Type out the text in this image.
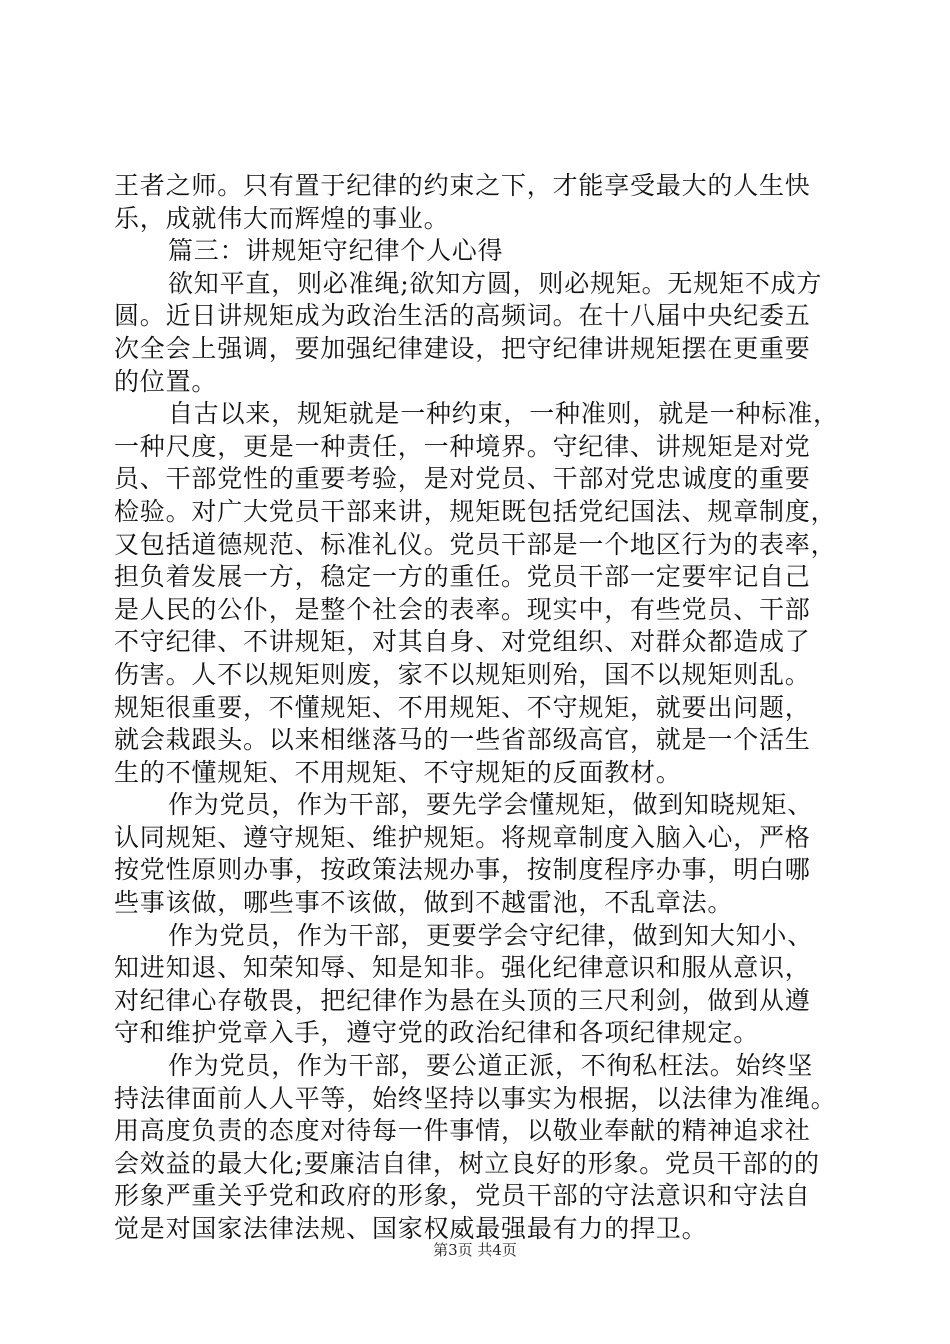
王者之师。只有置于纪律的约束之下，才能享受最大的人生快
乐，成就伟大而辉煌的事业。
篇三：讲规矩守纪律个人心得
欲知平直，则必准绳;欲知方圆，则必规矩。无规矩不成方
圆。近日讲规矩成为政治生活的高频词。在十八届中央纪委五
次全会上强调，要加强纪律建设，把守纪律讲规矩摆在更重要
的位置。
自古以来，规矩就是一种约束，一种准则，就是一种标准，
一种尺度，更是一种责任，一种境界。守纪律、讲规矩是对党
员、干部党性的重要考验，是对党员、干部对党忠诚度的重要
检验。对广大党员干部来讲，规矩既包括党纪国法、规章制度，
又包括道德规范、标准礼仪。党员干部是一个地区行为的表率，
担负着发展一方，稳定一方的重任。党员干部一定要牢记自己
是人民的公仆，是整个社会的表率。现实中，有些党员、干部
不守纪律、不讲规矩，对其自身、对党组织、对群众都造成了
伤害。人不以规矩则废，家不以规矩则殆，国不以规矩则乱。
规矩很重要，不懂规矩、不用规矩、不守规矩，就要出问题，
就会栽跟头。以来相继落马的一些省部级高官，就是一个活生
生的不懂规矩、不用规矩、不守规矩的反面教材。
作为党员，作为干部，要先学会懂规矩，做到知晓规矩、
认同规矩、遵守规矩、维护规矩。将规章制度入脑入心，严格
按党性原则办事，按政策法规办事，按制度程序办事，明白哪
些事该做，哪些事不该做，做到不越雷池，不乱章法。
作为党员，作为干部，更要学会守纪律，做到知大知小、
知进知退、知荣知辱、知是知非。强化纪律意识和服从意识，
对纪律心存敬畏，把纪律作为悬在头顶的三尺利剑，做到从遵
守和维护党章入手，遵守党的政治纪律和各项纪律规定。
作为党员，作为干部，要公道正派，不徇私枉法。始终坚
持法律面前人人平等，始终坚持以事实为根据，以法律为准绳。
用高度负责的态度对待每一件事情，以敬业奉献的精神追求社
会效益的最大化;要廉洁自律，树立良好的形象。党员干部的的
形象严重关乎党和政府的形象，党员干部的守法意识和守法自
觉是对国家法律法规、国家权威最强最有力的捍卫。
第3页 共4页
